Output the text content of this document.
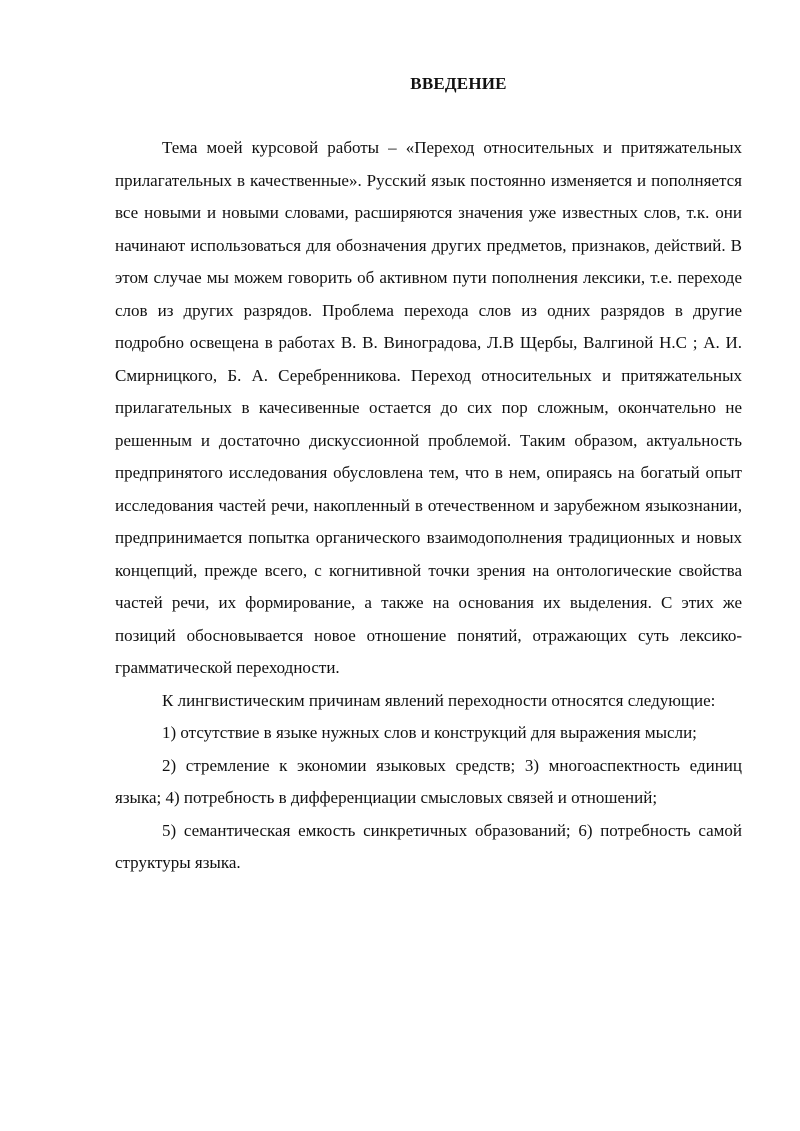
ВВЕДЕНИЕ

Тема моей курсовой работы – «Переход относительных и притяжательных прилагательных в качественные». Русский язык постоянно изменяется и пополняется все новыми и новыми словами, расширяются значения уже известных слов, т.к. они начинают использоваться для обозначения других предметов, признаков, действий. В этом случае мы можем говорить об активном пути пополнения лексики, т.е. переходе слов из других разрядов. Проблема перехода слов из одних разрядов в другие подробно освещена в работах В. В. Виноградова, Л.В Щербы, Валгиной Н.С ; А. И. Смирницкого, Б. А. Серебренникова. Переход относительных и притяжательных прилагательных в качесивенные остается до сих пор сложным, окончательно не решенным и достаточно дискуссионной проблемой. Таким образом, актуальность предпринятого исследования обусловлена тем, что в нем, опираясь на богатый опыт исследования частей речи, накопленный в отечественном и зарубежном языкознании, предпринимается попытка органического взаимодополнения традиционных и новых концепций, прежде всего, с когнитивной точки зрения на онтологические свойства частей речи, их формирование, а также на основания их выделения. С этих же позиций обосновывается новое отношение понятий, отражающих суть лексико-грамматической переходности.

К лингвистическим причинам явлений переходности относятся следующие:

1) отсутствие в языке нужных слов и конструкций для выражения мысли;

2) стремление к экономии языковых средств; 3) многоаспектность единиц языка; 4) потребность в дифференциации смысловых связей и отношений;

5) семантическая емкость синкретичных образований; 6) потребность самой структуры языка.
